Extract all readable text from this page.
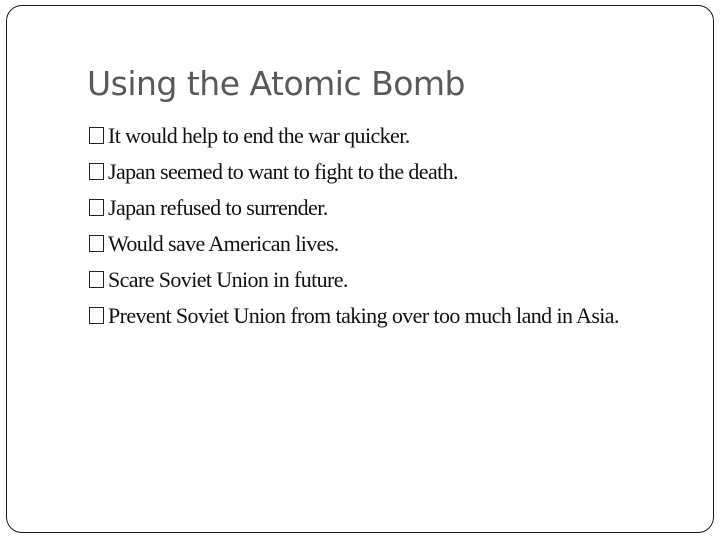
Using the Atomic Bomb
It would help to end the war quicker.
Japan seemed to want to fight to the death.
Japan refused to surrender.
Would save American lives.
Scare Soviet Union in future.
Prevent Soviet Union from taking over too much land in Asia.
